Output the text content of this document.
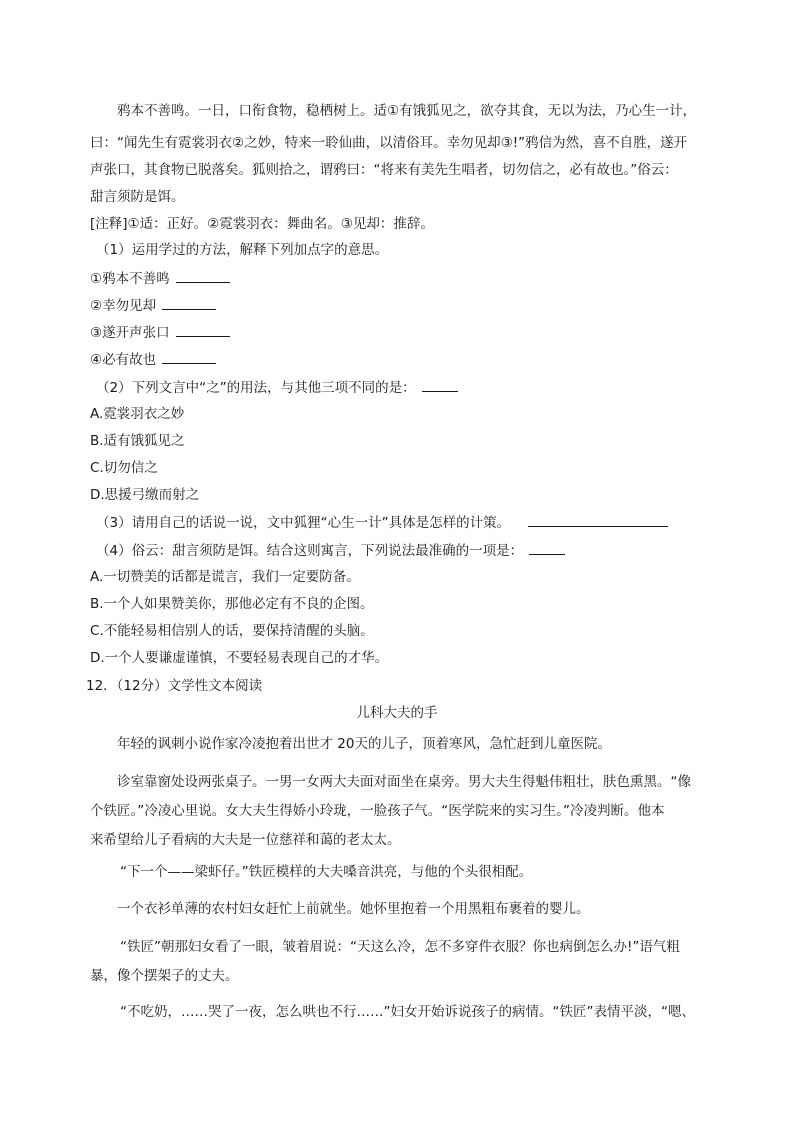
鸦本不善鸣。一日，口衔食物，稳栖树上。适①有饿狐见之，欲夺其食，无以为法，乃心生一计，
曰：“闻先生有霓裳羽衣②之妙，特来一聆仙曲，以清俗耳。幸勿见却③!”鸦信为然，喜不自胜，遂开
声张口，其食物已脱落矣。狐则拾之，谓鸦曰：“将来有美先生唱者，切勿信之，必有故也。”俗云：
甜言须防是饵。
[注释]①适：正好。②霓裳羽衣：舞曲名。③见却：推辞。
（1）运用学过的方法，解释下列加点字的意思。
①鸦本不善鸣
②幸勿见却
③遂开声张口
④必有故也
（2）下列文言中“之”的用法，与其他三项不同的是：
A.霓裳羽衣之妙
B.适有饿狐见之
C.切勿信之
D.思援弓缴而射之
（3）请用自己的话说一说，文中狐狸“心生一计”具体是怎样的计策。
（4）俗云：甜言须防是饵。结合这则寓言，下列说法最准确的一项是：
A.一切赞美的话都是谎言，我们一定要防备。
B.一个人如果赞美你，那他必定有不良的企图。
C.不能轻易相信别人的话，要保持清醒的头脑。
D.一个人要谦虚谨慎，不要轻易表现自己的才华。
12．（12分）文学性文本阅读
儿科大夫的手
年轻的讽刺小说作家冷凌抱着出世才 20天的儿子，顶着寒风，急忙赶到儿童医院。
诊室靠窗处设两张桌子。一男一女两大夫面对面坐在桌旁。男大夫生得魁伟粗壮，肤色熏黑。“像
个铁匠。”冷凌心里说。女大夫生得娇小玲珑，一脸孩子气。“医学院来的实习生。”冷凌判断。他本
来希望给儿子看病的大夫是一位慈祥和蔼的老太太。
“下一个——梁虾仔。”铁匠模样的大夫嗓音洪亮，与他的个头很相配。
一个衣衫单薄的农村妇女赶忙上前就坐。她怀里抱着一个用黑粗布裹着的婴儿。
“铁匠”朝那妇女看了一眼，皱着眉说：“天这么冷，怎不多穿件衣服？你也病倒怎么办!”语气粗
暴，像个摆架子的丈夫。
“不吃奶，……哭了一夜，怎么哄也不行……”妇女开始诉说孩子的病情。“铁匠”表情平淡，“嗯、
